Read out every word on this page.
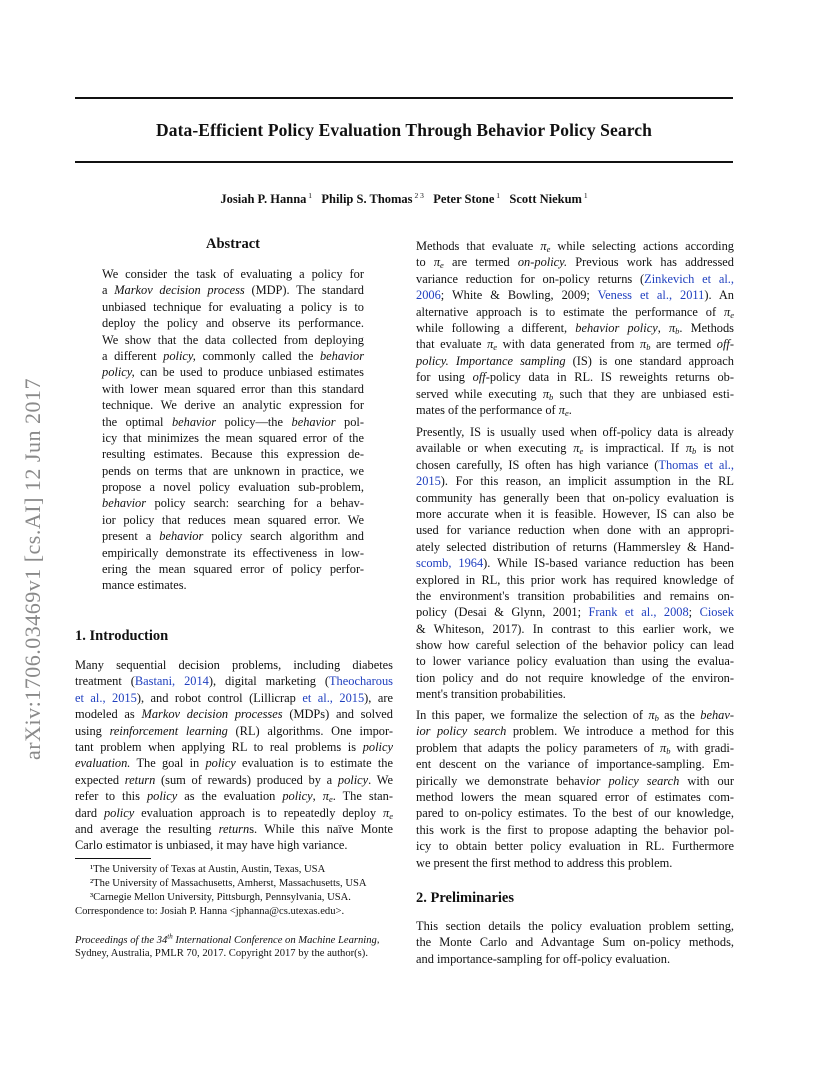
Data-Efficient Policy Evaluation Through Behavior Policy Search
Josiah P. Hanna $^1$  Philip S. Thomas $^{2 3}$  Peter Stone $^1$  Scott Niekum $^1$
arXiv:1706.03469v1 [cs.AI] 12 Jun 2017
Abstract
We consider the task of evaluating a policy for
a Markov decision process (MDP). The standard
unbiased technique for evaluating a policy is to
deploy the policy and observe its performance.
We show that the data collected from deploying
a different policy, commonly called the behavior
policy, can be used to produce unbiased estimates
with lower mean squared error than this standard
technique. We derive an analytic expression for
the optimal behavior policy—the behavior pol-
icy that minimizes the mean squared error of the
resulting estimates. Because this expression de-
pends on terms that are unknown in practice, we
propose a novel policy evaluation sub-problem,
behavior policy search: searching for a behav-
ior policy that reduces mean squared error. We
present a behavior policy search algorithm and
empirically demonstrate its effectiveness in low-
ering the mean squared error of policy perfor-
mance estimates.
1. Introduction
Many sequential decision problems, including diabetes
treatment (Bastani, 2014), digital marketing (Theocharous
et al., 2015), and robot control (Lillicrap et al., 2015), are
modeled as Markov decision processes (MDPs) and solved
using reinforcement learning (RL) algorithms. One impor-
tant problem when applying RL to real problems is policy
evaluation. The goal in policy evaluation is to estimate the
expected return (sum of rewards) produced by a policy. We
refer to this policy as the evaluation policy, $\pi_e$. The stan-
dard policy evaluation approach is to repeatedly deploy $\pi_e$
and average the resulting returns. While this naïve Monte
Carlo estimator is unbiased, it may have high variance.
Proceedings of the 34th International Conference on Machine Learning, Sydney, Australia, PMLR 70, 2017. Copyright 2017 by the author(s).
Methods that evaluate $\pi_e$ while selecting actions according
to $\pi_e$ are termed on-policy. Previous work has addressed
variance reduction for on-policy returns (Zinkevich et al.,
2006; White & Bowling, 2009; Veness et al., 2011). An
alternative approach is to estimate the performance of $\pi_e$
while following a different, behavior policy, $\pi_b$. Methods
that evaluate $\pi_e$ with data generated from $\pi_b$ are termed off-
policy. Importance sampling (IS) is one standard approach
for using off-policy data in RL. IS reweights returns ob-
served while executing $\pi_b$ such that they are unbiased esti-
mates of the performance of $\pi_e$.
Presently, IS is usually used when off-policy data is already
available or when executing $\pi_e$ is impractical. If $\pi_b$ is not
chosen carefully, IS often has high variance (Thomas et al.,
2015). For this reason, an implicit assumption in the RL
community has generally been that on-policy evaluation is
more accurate when it is feasible. However, IS can also be
used for variance reduction when done with an appropri-
ately selected distribution of returns (Hammersley & Hand-
scomb, 1964). While IS-based variance reduction has been
explored in RL, this prior work has required knowledge of
the environment's transition probabilities and remains on-
policy (Desai & Glynn, 2001; Frank et al., 2008; Ciosek
& Whiteson, 2017). In contrast to this earlier work, we
show how careful selection of the behavior policy can lead
to lower variance policy evaluation than using the evalua-
tion policy and do not require knowledge of the environ-
ment's transition probabilities.
In this paper, we formalize the selection of $\pi_b$ as the behav-
ior policy search problem. We introduce a method for this
problem that adapts the policy parameters of $\pi_b$ with gradi-
ent descent on the variance of importance-sampling. Em-
pirically we demonstrate behavior policy search with our
method lowers the mean squared error of estimates com-
pared to on-policy estimates. To the best of our knowledge,
this work is the first to propose adapting the behavior pol-
icy to obtain better policy evaluation in RL. Furthermore
we present the first method to address this problem.
2. Preliminaries
This section details the policy evaluation problem setting,
the Monte Carlo and Advantage Sum on-policy methods,
and importance-sampling for off-policy evaluation.
¹The University of Texas at Austin, Austin, Texas, USA
²The University of Massachusetts, Amherst, Massachusetts, USA
³Carnegie Mellon University, Pittsburgh, Pennsylvania, USA.
Correspondence to: Josiah P. Hanna <jphanna@cs.utexas.edu>.
